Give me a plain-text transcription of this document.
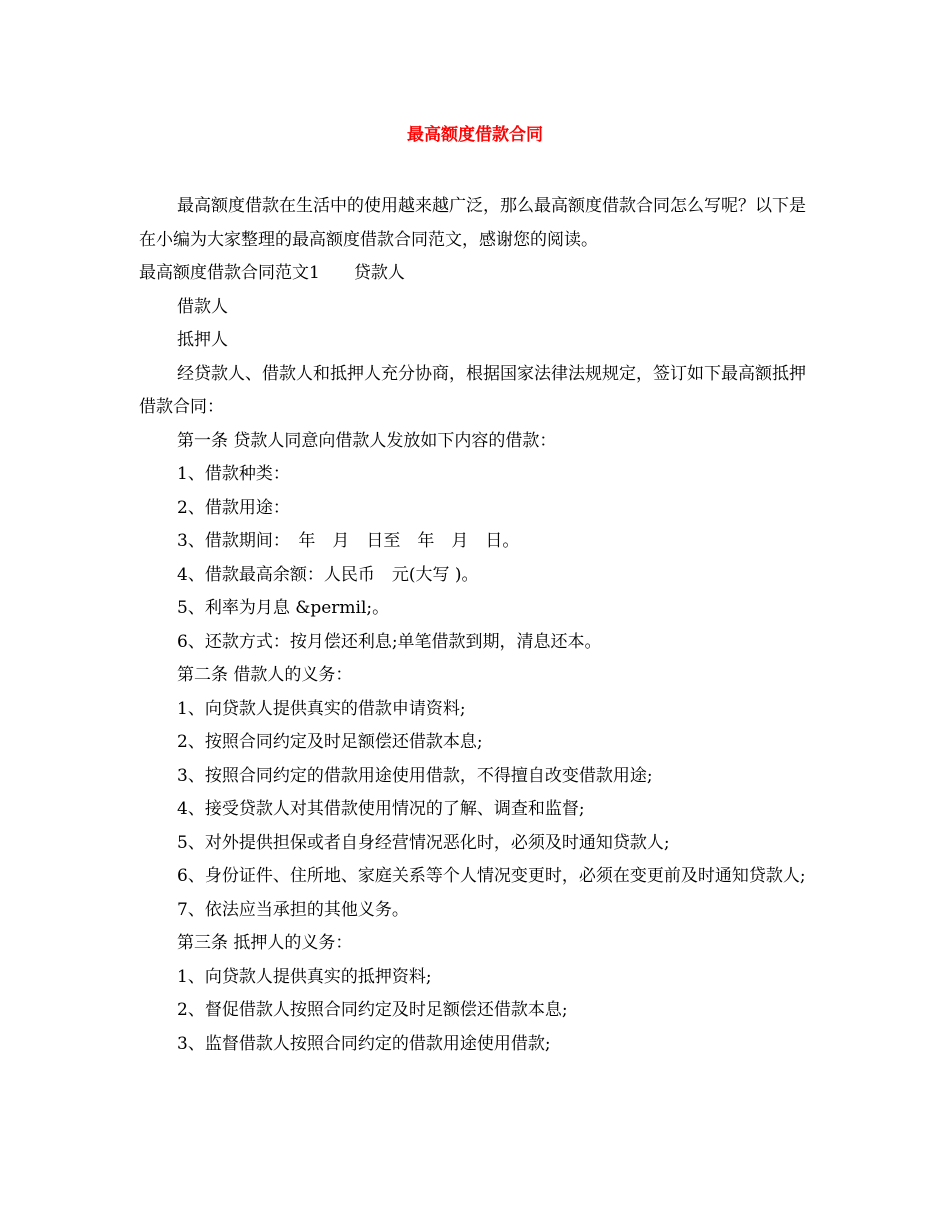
最高额度借款合同

最高额度借款在生活中的使用越来越广泛，那么最高额度借款合同怎么写呢？以下是在小编为大家整理的最高额度借款合同范文，感谢您的阅读。

最高额度借款合同范文1　　贷款人

借款人

抵押人

经贷款人、借款人和抵押人充分协商，根据国家法律法规规定，签订如下最高额抵押借款合同：

第一条 贷款人同意向借款人发放如下内容的借款：

1、借款种类：

2、借款用途：

3、借款期间：　年　月　日至　年　月　日。

4、借款最高余额：人民币　元(大写 )。

5、利率为月息 &permil;。

6、还款方式：按月偿还利息;单笔借款到期，清息还本。

第二条 借款人的义务：

1、向贷款人提供真实的借款申请资料;

2、按照合同约定及时足额偿还借款本息;

3、按照合同约定的借款用途使用借款，不得擅自改变借款用途;

4、接受贷款人对其借款使用情况的了解、调查和监督;

5、对外提供担保或者自身经营情况恶化时，必须及时通知贷款人;

6、身份证件、住所地、家庭关系等个人情况变更时，必须在变更前及时通知贷款人;

7、依法应当承担的其他义务。

第三条 抵押人的义务：

1、向贷款人提供真实的抵押资料;

2、督促借款人按照合同约定及时足额偿还借款本息;

3、监督借款人按照合同约定的借款用途使用借款;
